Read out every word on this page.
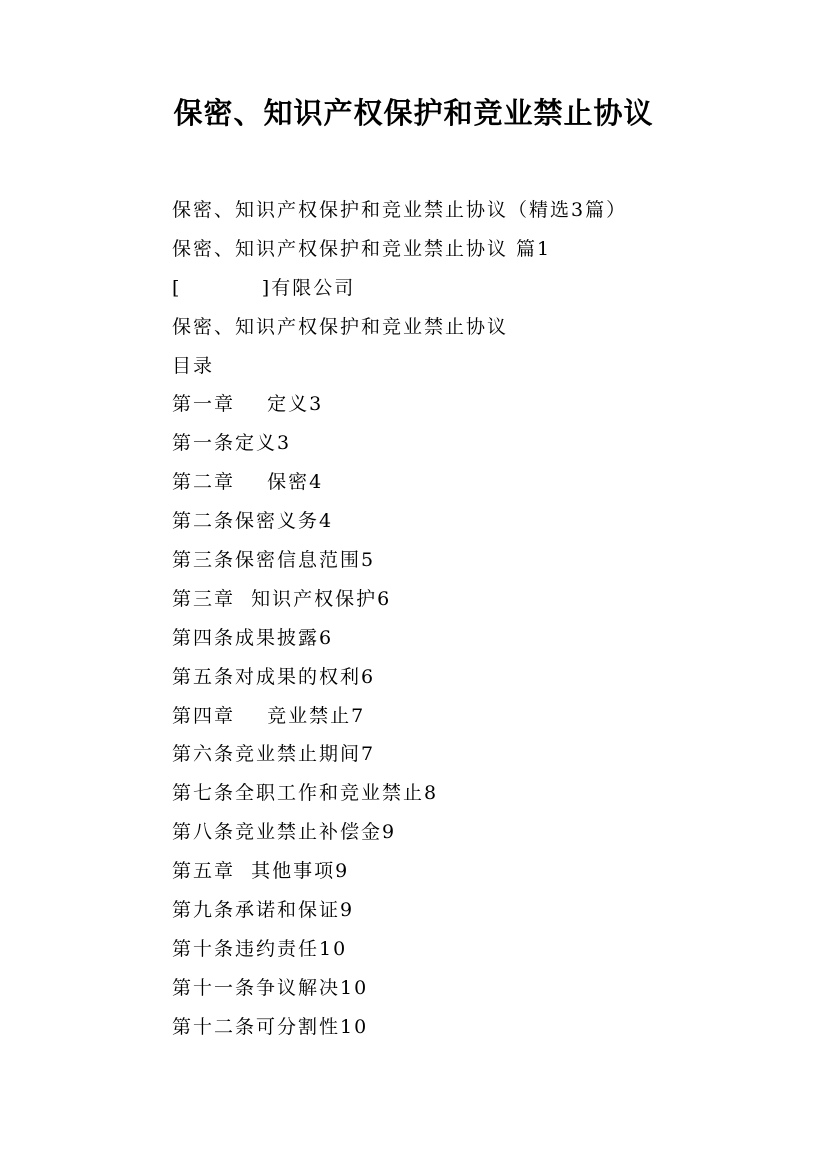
保密、知识产权保护和竞业禁止协议
保密、知识产权保护和竞业禁止协议（精选3篇）
保密、知识产权保护和竞业禁止协议 篇1
[          ]有限公司
保密、知识产权保护和竞业禁止协议
目录
第一章    定义3
第一条定义3
第二章    保密4
第二条保密义务4
第三条保密信息范围5
第三章  知识产权保护6
第四条成果披露6
第五条对成果的权利6
第四章    竞业禁止7
第六条竞业禁止期间7
第七条全职工作和竞业禁止8
第八条竞业禁止补偿金9
第五章  其他事项9
第九条承诺和保证9
第十条违约责任10
第十一条争议解决10
第十二条可分割性10
